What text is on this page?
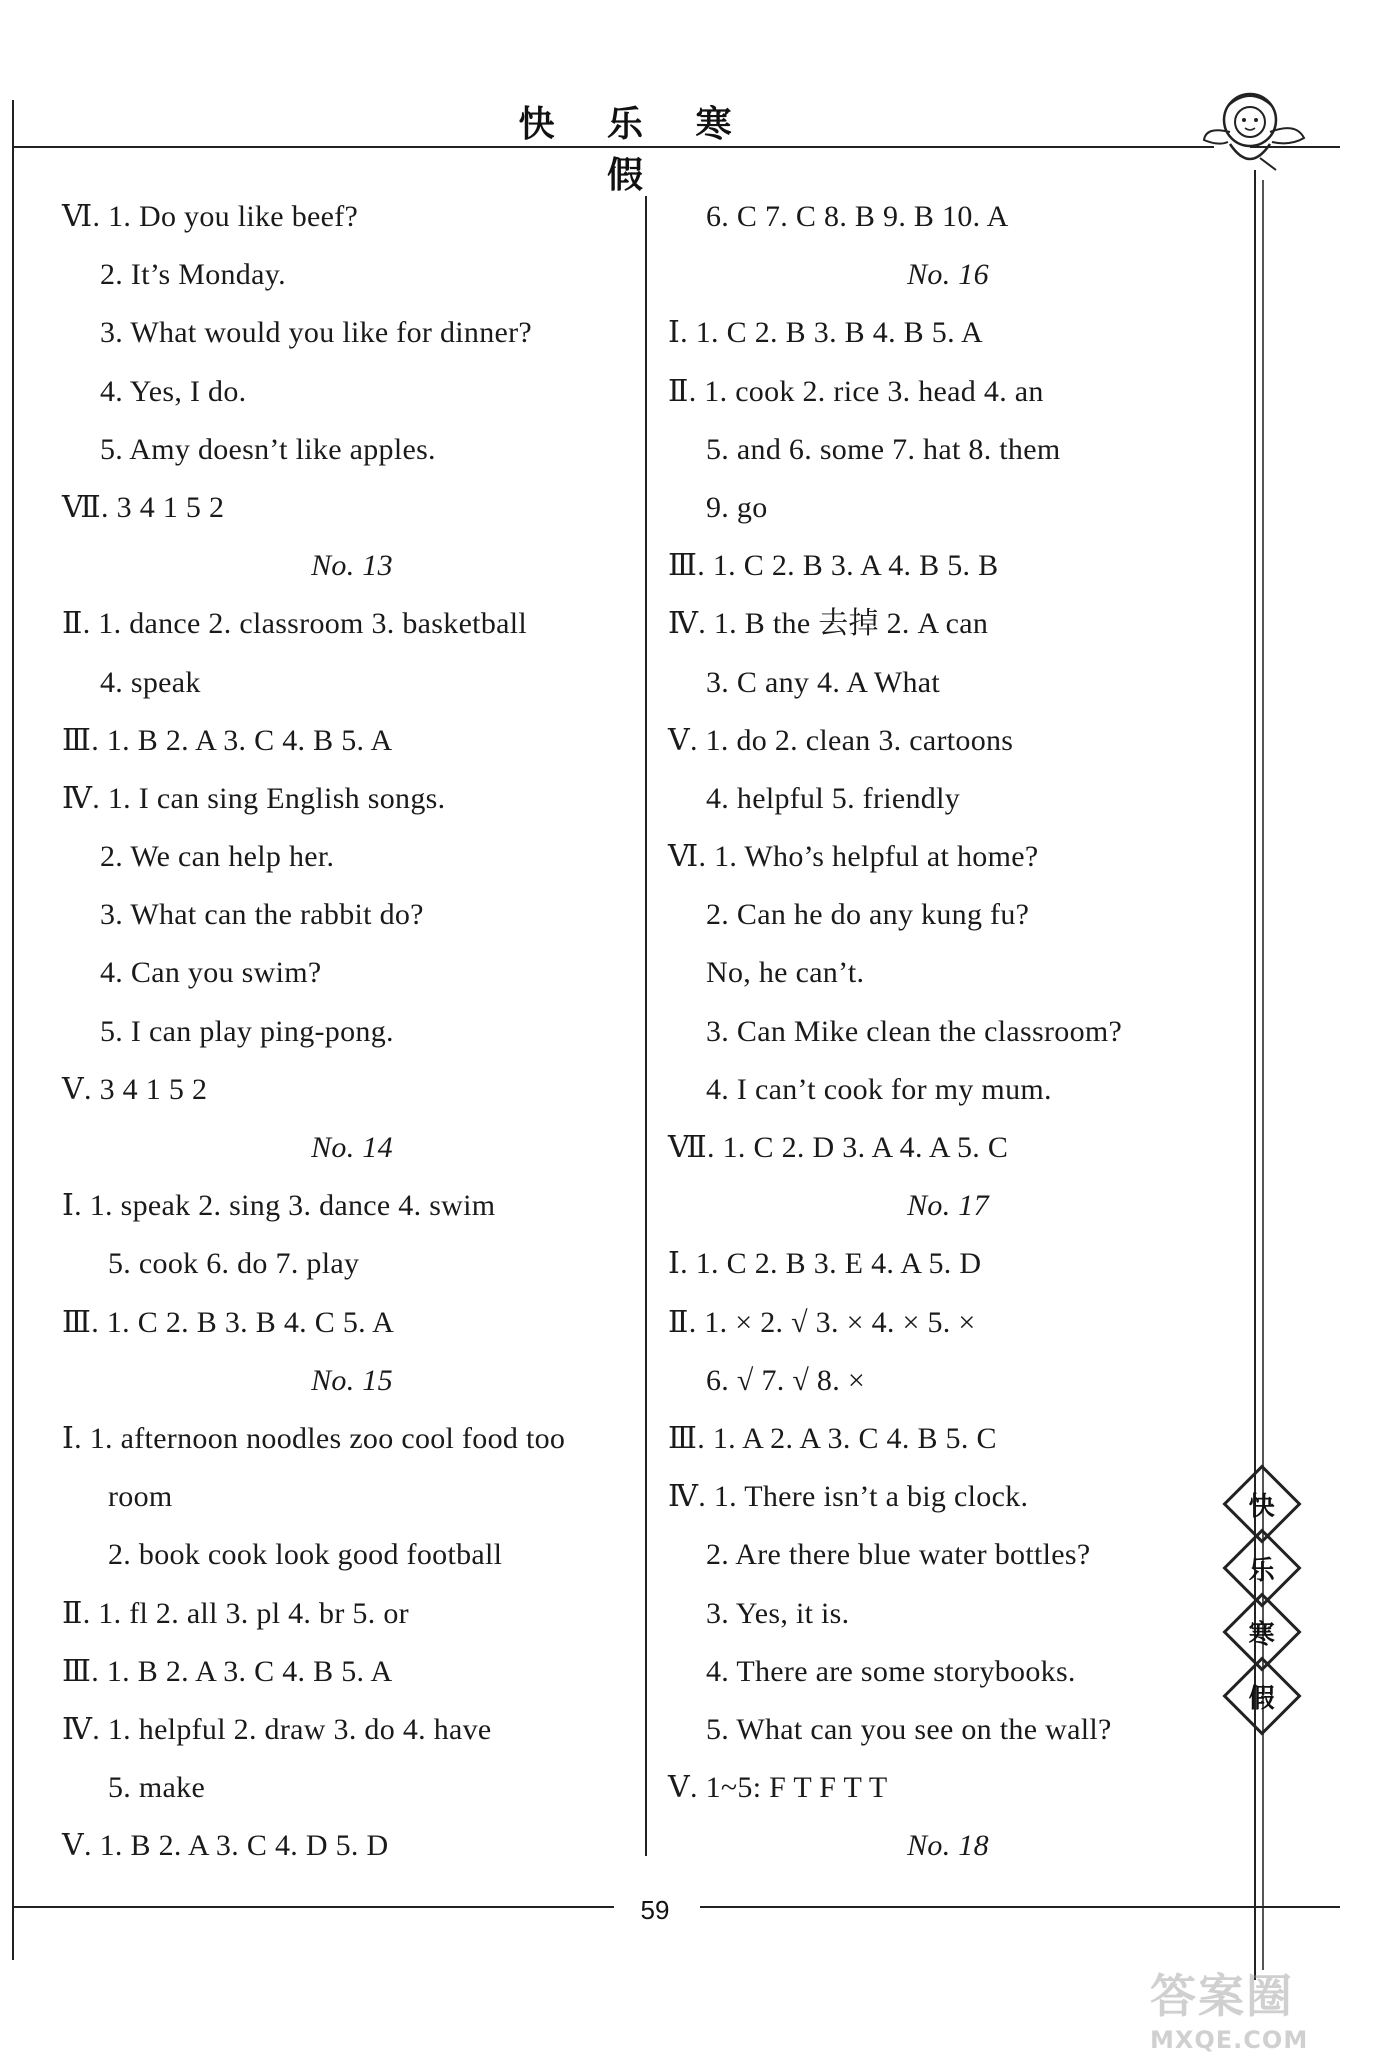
快 乐 寒 假
Ⅵ. 1. Do you like beef?
2. It’s Monday.
3. What would you like for dinner?
4. Yes, I do.
5. Amy doesn’t like apples.
Ⅶ. 3 4 1 5 2
No. 13
Ⅱ. 1. dance 2. classroom 3. basketball
4. speak
Ⅲ. 1. B 2. A 3. C 4. B 5. A
Ⅳ. 1. I can sing English songs.
2. We can help her.
3. What can the rabbit do?
4. Can you swim?
5. I can play ping-pong.
Ⅴ. 3 4 1 5 2
No. 14
Ⅰ. 1. speak 2. sing 3. dance 4. swim
5. cook 6. do 7. play
Ⅲ. 1. C 2. B 3. B 4. C 5. A
No. 15
Ⅰ. 1. afternoon noodles zoo cool food too
room
2. book cook look good football
Ⅱ. 1. fl 2. all 3. pl 4. br 5. or
Ⅲ. 1. B 2. A 3. C 4. B 5. A
Ⅳ. 1. helpful 2. draw 3. do 4. have
5. make
Ⅴ. 1. B 2. A 3. C 4. D 5. D
6. C 7. C 8. B 9. B 10. A
No. 16
Ⅰ. 1. C 2. B 3. B 4. B 5. A
Ⅱ. 1. cook 2. rice 3. head 4. an
5. and 6. some 7. hat 8. them
9. go
Ⅲ. 1. C 2. B 3. A 4. B 5. B
Ⅳ. 1. B the 去掉 2. A can
3. C any 4. A What
Ⅴ. 1. do 2. clean 3. cartoons
4. helpful 5. friendly
Ⅵ. 1. Who’s helpful at home?
2. Can he do any kung fu?
No, he can’t.
3. Can Mike clean the classroom?
4. I can’t cook for my mum.
Ⅶ. 1. C 2. D 3. A 4. A 5. C
No. 17
Ⅰ. 1. C 2. B 3. E 4. A 5. D
Ⅱ. 1. × 2. √ 3. × 4. × 5. ×
6. √ 7. √ 8. ×
Ⅲ. 1. A 2. A 3. C 4. B 5. C
Ⅳ. 1. There isn’t a big clock.
2. Are there blue water bottles?
3. Yes, it is.
4. There are some storybooks.
5. What can you see on the wall?
Ⅴ. 1~5: F T F T T
No. 18
快
乐
寒
假
59
答案圈
MXQE.COM
